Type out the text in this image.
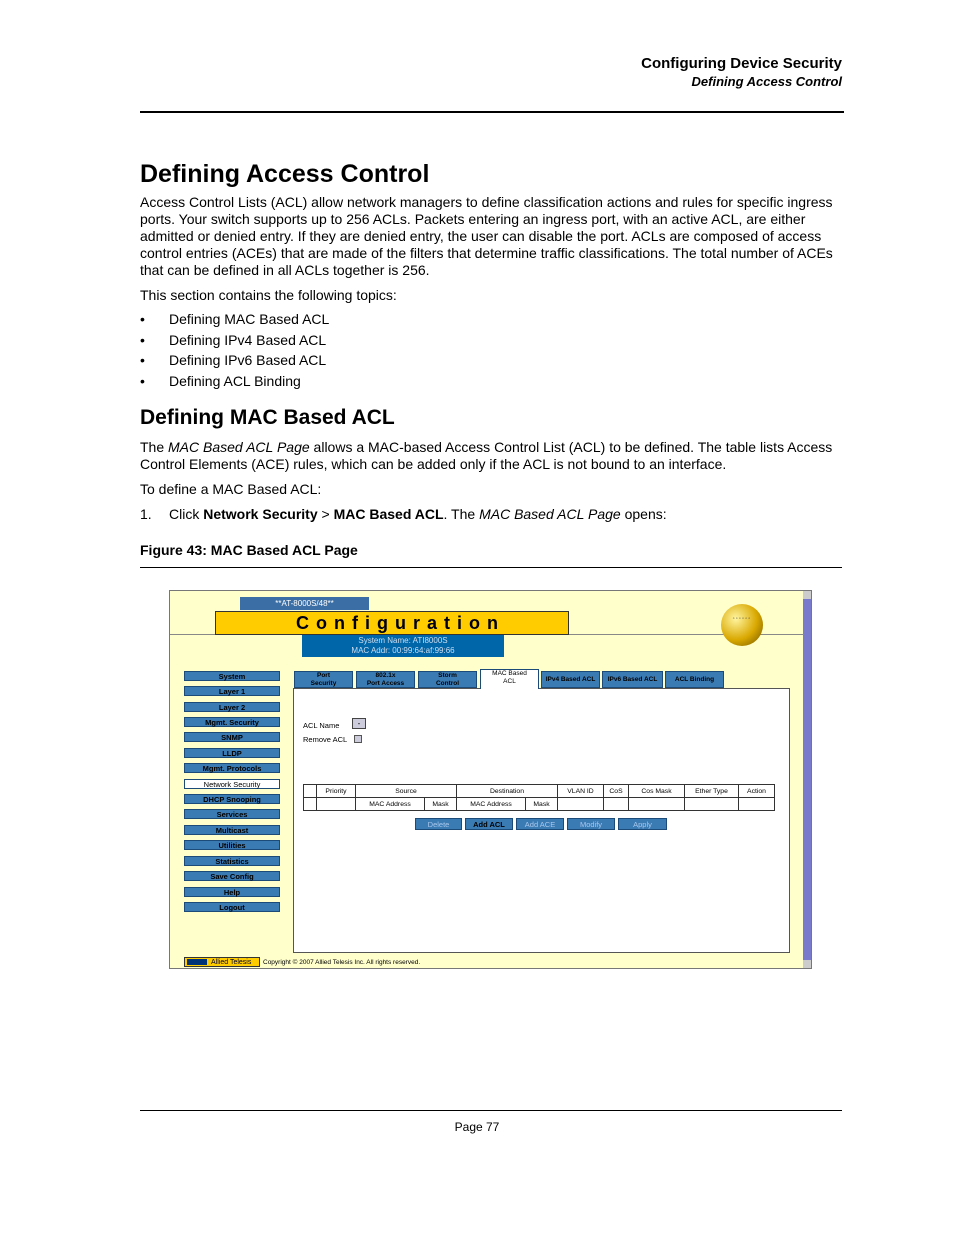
Configuring Device Security
Defining Access Control
Defining Access Control
Access Control Lists (ACL) allow network managers to define classification actions and rules for specific ingress ports. Your switch supports up to 256 ACLs. Packets entering an ingress port, with an active ACL, are either admitted or denied entry. If they are denied entry, the user can disable the port. ACLs are composed of access control entries (ACEs) that are made of the filters that determine traffic classifications. The total number of ACEs that can be defined in all ACLs together is 256.
This section contains the following topics:
• Defining MAC Based ACL
• Defining IPv4 Based ACL
• Defining IPv6 Based ACL
• Defining ACL Binding
Defining MAC Based ACL
The MAC Based ACL Page allows a MAC-based Access Control List (ACL) to be defined. The table lists Access Control Elements (ACE) rules, which can be added only if the ACL is not bound to an interface.
To define a MAC Based ACL:
1. Click Network Security > MAC Based ACL. The MAC Based ACL Page opens:
Figure 43: MAC Based ACL Page
**AT-8000S/48**
Configuration
System Name: ATI8000S
MAC Addr: 00:99:64:af:99:66
◦◦◦◦◦◦
System
Layer 1
Layer 2
Mgmt. Security
SNMP
LLDP
Mgmt. Protocols
Network Security
DHCP Snooping
Services
Multicast
Utilities
Statistics
Save Config
Help
Logout
Port
Security
802.1x
Port Access
Storm
Control
MAC Based
ACL	IPv4 Based ACL	IPv6 Based ACL	ACL Binding
ACL Name	-
Remove ACL
	Priority	Source		Destination		VLAN ID	CoS	Cos Mask	Ether Type	Action
		MAC Address	Mask	MAC Address	Mask					
Delete	Add ACL	Add ACE	Modify	Apply
Allied Telesis	Copyright © 2007 Allied Telesis Inc. All rights reserved.
Page 77
